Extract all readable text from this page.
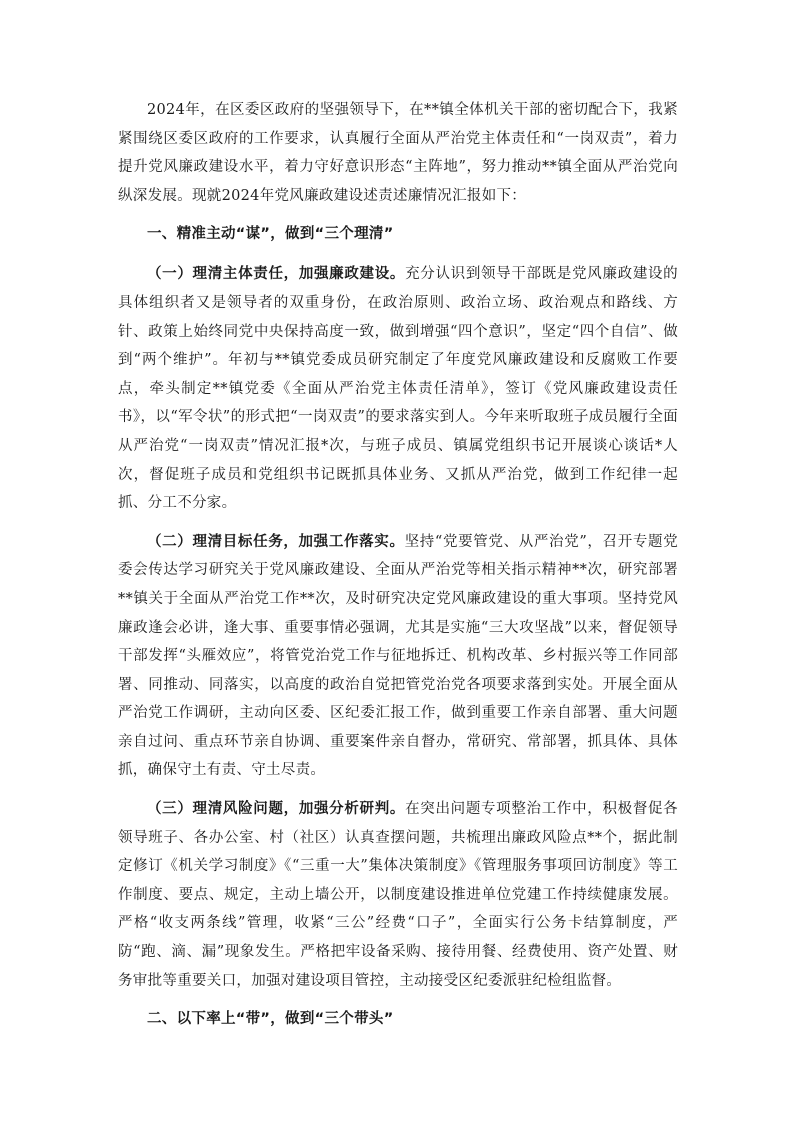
2024年，在区委区政府的坚强领导下，在**镇全体机关干部的密切配合下，我紧紧围绕区委区政府的工作要求，认真履行全面从严治党主体责任和“一岗双责”，着力提升党风廉政建设水平，着力守好意识形态“主阵地”，努力推动**镇全面从严治党向纵深发展。现就2024年党风廉政建设述责述廉情况汇报如下：

一、精准主动“谋”，做到“三个理清”

（一）理清主体责任，加强廉政建设。充分认识到领导干部既是党风廉政建设的具体组织者又是领导者的双重身份，在政治原则、政治立场、政治观点和路线、方针、政策上始终同党中央保持高度一致，做到增强“四个意识”，坚定“四个自信”、做到“两个维护”。年初与**镇党委成员研究制定了年度党风廉政建设和反腐败工作要点，牵头制定**镇党委《全面从严治党主体责任清单》，签订《党风廉政建设责任书》，以“军令状”的形式把“一岗双责”的要求落实到人。今年来听取班子成员履行全面从严治党“一岗双责”情况汇报*次，与班子成员、镇属党组织书记开展谈心谈话*人次，督促班子成员和党组织书记既抓具体业务、又抓从严治党，做到工作纪律一起抓、分工不分家。

（二）理清目标任务，加强工作落实。坚持“党要管党、从严治党”，召开专题党委会传达学习研究关于党风廉政建设、全面从严治党等相关指示精神**次，研究部署**镇关于全面从严治党工作**次，及时研究决定党风廉政建设的重大事项。坚持党风廉政逢会必讲，逢大事、重要事情必强调，尤其是实施“三大攻坚战”以来，督促领导干部发挥“头雁效应”，将管党治党工作与征地拆迁、机构改革、乡村振兴等工作同部署、同推动、同落实，以高度的政治自觉把管党治党各项要求落到实处。开展全面从严治党工作调研，主动向区委、区纪委汇报工作，做到重要工作亲自部署、重大问题亲自过问、重点环节亲自协调、重要案件亲自督办，常研究、常部署，抓具体、具体抓，确保守土有责、守土尽责。

（三）理清风险问题，加强分析研判。在突出问题专项整治工作中，积极督促各领导班子、各办公室、村（社区）认真查摆问题，共梳理出廉政风险点**个，据此制定修订《机关学习制度》《“三重一大”集体决策制度》《管理服务事项回访制度》等工作制度、要点、规定，主动上墙公开，以制度建设推进单位党建工作持续健康发展。严格“收支两条线”管理，收紧“三公”经费“口子”，全面实行公务卡结算制度，严防“跑、滴、漏”现象发生。严格把牢设备采购、接待用餐、经费使用、资产处置、财务审批等重要关口，加强对建设项目管控，主动接受区纪委派驻纪检组监督。

二、以下率上“带”，做到“三个带头”
